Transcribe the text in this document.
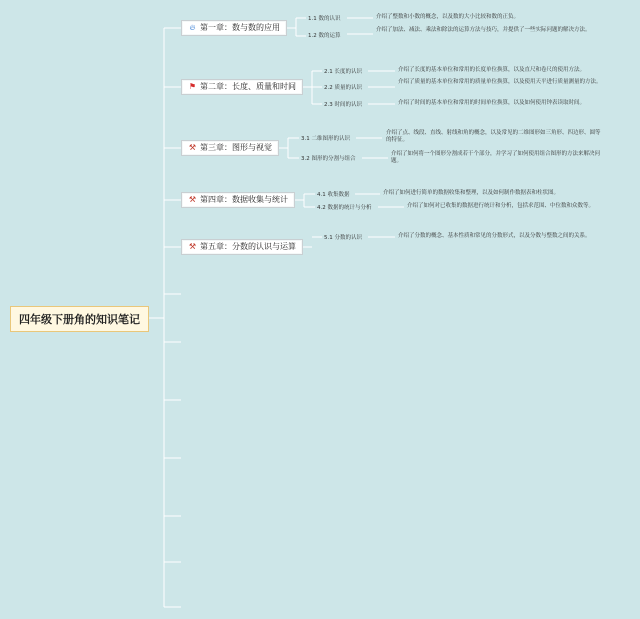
四年级下册角的知识笔记
🔥︎ 第一章：数与数的应用
1.1 数的认识	介绍了整数和小数的概念，以及数的大小比较和数的正负。
1.2 数的运算
介绍了加法、减法、乘法和除法的运算方法与技巧，并提供了一些实际问题的解决方法。
⚑ 第二章：长度、质量和时间
2.1 长度的认识	介绍了长度的基本单位和常用的长度单位换算，以及直尺和卷尺的使用方法。
2.2 质量的认识
介绍了质量的基本单位和常用的质量单位换算，以及使用天平进行质量测量的方法。
2.3 时间的认识	介绍了时间的基本单位和常用的时间单位换算，以及如何使用钟表读取时间。
⚒ 第三章：图形与视觉
3.1 二维图形的认识
介绍了点、线段、直线、射线和角的概念，以及常见的二维图形如三角形、四边形、圆等的特征。
3.2 图形的分割与组合
介绍了如何将一个图形分割成若干个部分，并学习了如何使用组合图形的方法来解决问题。
⚒ 第四章：数据收集与统计	4.1 收集数据	介绍了如何进行简单的数据收集和整理，以及如何制作数据表和柱状图。
4.2 数据的统计与分析	介绍了如何对已收集的数据进行统计和分析，包括求范围、中位数和众数等。
⚒ 第五章：分数的认识与运算
5.1 分数的认识	介绍了分数的概念、基本性质和常见的分数形式，以及分数与整数之间的关系。
